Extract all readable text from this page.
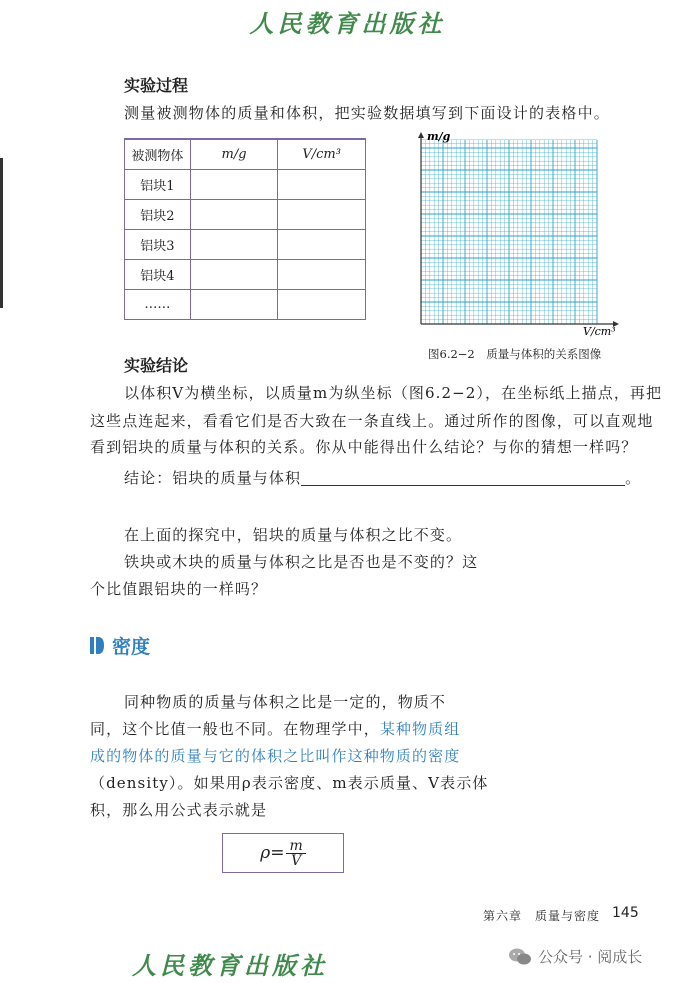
人民教育出版社
实验过程
测量被测物体的质量和体积，把实验数据填写到下面设计的表格中。
被测物体	m/g	V/cm³
铝块1		
铝块2		
铝块3		
铝块4		
……		
m/g
V/cm³
图6.2−2　质量与体积的关系图像
实验结论
以体积V为横坐标，以质量m为纵坐标（图6.2−2），在坐标纸上描点，再把
这些点连起来，看看它们是否大致在一条直线上。通过所作的图像，可以直观地
看到铝块的质量与体积的关系。你从中能得出什么结论？与你的猜想一样吗？
结论：铝块的质量与体积	。
在上面的探究中，铝块的质量与体积之比不变。
铁块或木块的质量与体积之比是否也是不变的？这
个比值跟铝块的一样吗？
密度
同种物质的质量与体积之比是一定的，物质不
同，这个比值一般也不同。在物理学中，某种物质组
成的物体的质量与它的体积之比叫作这种物质的密度
（density）。如果用ρ表示密度、m表示质量、V表示体
积，那么用公式表示就是
$\rho= \frac{m}{V}$
第六章　质量与密度 145
人民教育出版社	公众号 · 阅成长
